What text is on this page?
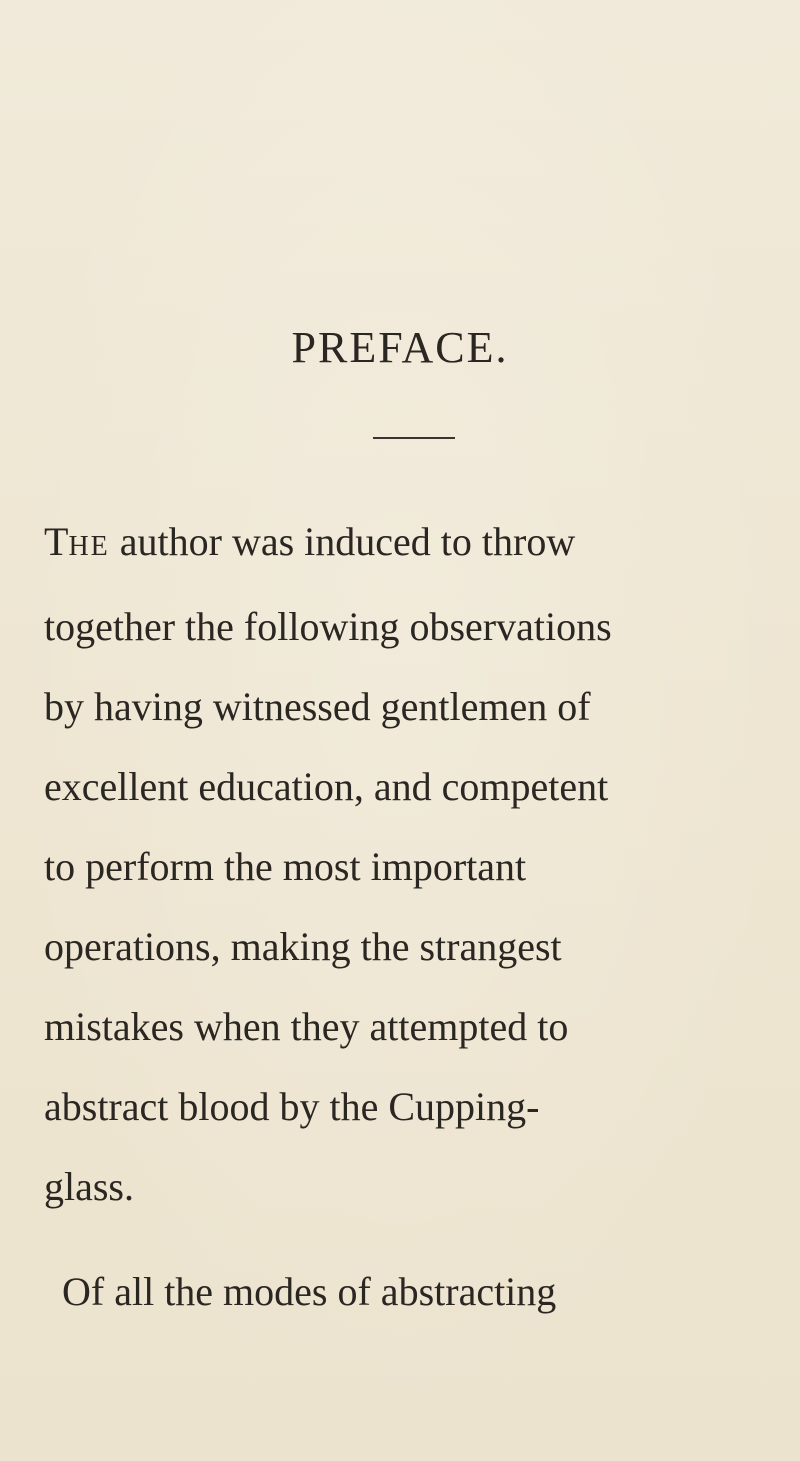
PREFACE.
THE author was induced to throw
together the following observations
by having witnessed gentlemen of
excellent education, and competent
to perform the most important
operations, making the strangest
mistakes when they attempted to
abstract blood by the Cupping-
glass.
Of all the modes of abstracting
